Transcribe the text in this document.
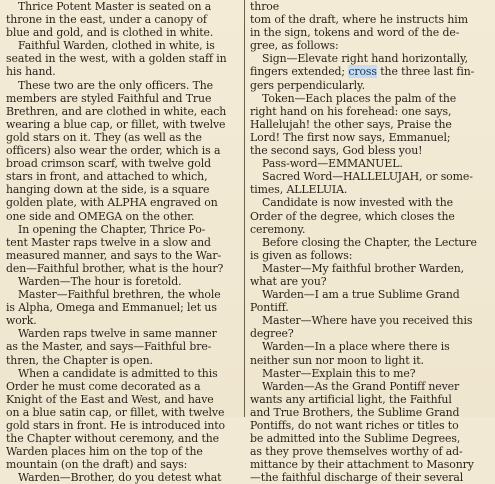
Thrice Potent Master is seated on a
throne in the east, under a canopy of
blue and gold, and is clothed in white.
Faithful Warden, clothed in white, is
seated in the west, with a golden staff in
his hand.
These two are the only officers. The
members are styled Faithful and True
Brethren, and are clothed in white, each
wearing a blue cap, or fillet, with twelve
gold stars on it. They (as well as the
officers) also wear the order, which is a
broad crimson scarf, with twelve gold
stars in front, and attached to which,
hanging down at the side, is a square
golden plate, with ALPHA engraved on
one side and OMEGA on the other.
In opening the Chapter, Thrice Po-
tent Master raps twelve in a slow and
measured manner, and says to the War-
den—Faithful brother, what is the hour?
Warden—The hour is foretold.
Master—Faithful brethren, the whole
is Alpha, Omega and Emmanuel; let us
work.
Warden raps twelve in same manner
as the Master, and says—Faithful bre-
thren, the Chapter is open.
When a candidate is admitted to this
Order he must come decorated as a
Knight of the East and West, and have
on a blue satin cap, or fillet, with twelve
gold stars in front. He is introduced into
the Chapter without ceremony, and the
Warden places him on the top of the
mountain (on the draft) and says:
Warden—Brother, do you detest what
throe
tom of the draft, where he instructs him
in the sign, tokens and word of the de-
gree, as follows:
Sign—Elevate right hand horizontally,
fingers extended; cross the three last fin-
gers perpendicularly.
Token—Each places the palm of the
right hand on his forehead: one says,
Hallelujah! the other says, Praise the
Lord! The first now says, Emmanuel;
the second says, God bless you!
Pass-word—EMMANUEL.
Sacred Word—HALLELUJAH, or some-
times, ALLELUIA.
Candidate is now invested with the
Order of the degree, which closes the
ceremony.
Before closing the Chapter, the Lecture
is given as follows:
Master—My faithful brother Warden,
what are you?
Warden—I am a true Sublime Grand
Pontiff.
Master—Where have you received this
degree?
Warden—In a place where there is
neither sun nor moon to light it.
Master—Explain this to me?
Warden—As the Grand Pontiff never
wants any artificial light, the Faithful
and True Brothers, the Sublime Grand
Pontiffs, do not want riches or titles to
be admitted into the Sublime Degrees,
as they prove themselves worthy of ad-
mittance by their attachment to Masonry
—the faithful discharge of their several
